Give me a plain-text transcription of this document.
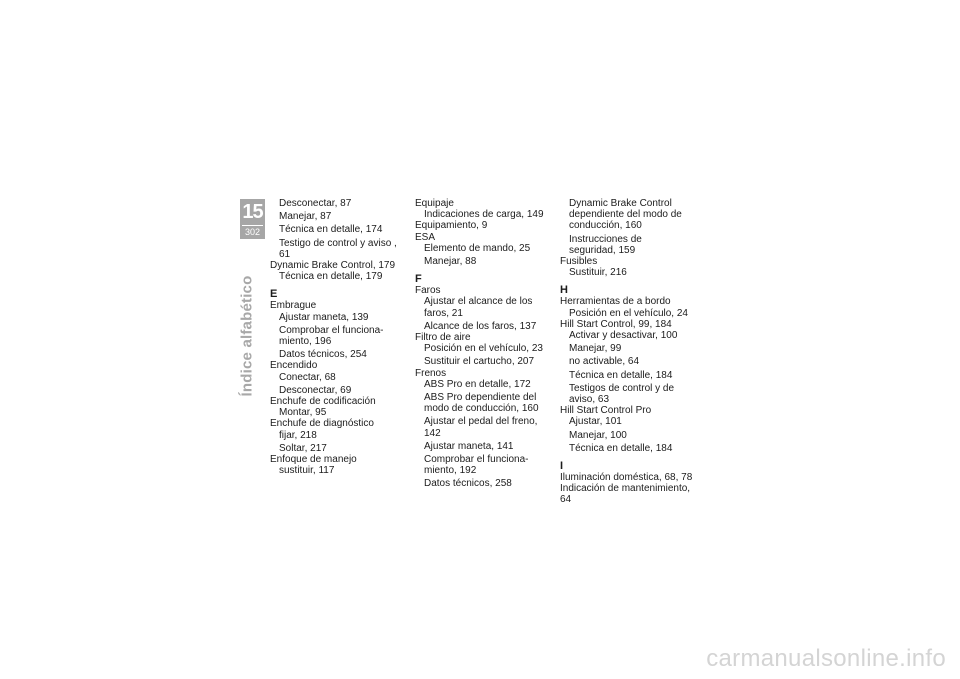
15
302
Índice alfabético
Desconectar, 87
Manejar, 87
Técnica en detalle, 174
Testigo de control y aviso , 61
Dynamic Brake Control, 179
Técnica en detalle, 179
E
Embrague
Ajustar maneta, 139
Comprobar el funciona-
miento, 196
Datos técnicos, 254
Encendido
Conectar, 68
Desconectar, 69
Enchufe de codificación
Montar, 95
Enchufe de diagnóstico
fijar, 218
Soltar, 217
Enfoque de manejo
sustituir, 117
Equipaje
Indicaciones de carga, 149
Equipamiento, 9
ESA
Elemento de mando, 25
Manejar, 88
F
Faros
Ajustar el alcance de los
faros, 21
Alcance de los faros, 137
Filtro de aire
Posición en el vehículo, 23
Sustituir el cartucho, 207
Frenos
ABS Pro en detalle, 172
ABS Pro dependiente del
modo de conducción, 160
Ajustar el pedal del freno, 142
Ajustar maneta, 141
Comprobar el funciona-
miento, 192
Datos técnicos, 258
Dynamic Brake Control
dependiente del modo de
conducción, 160
Instrucciones de
seguridad, 159
Fusibles
Sustituir, 216
H
Herramientas de a bordo
Posición en el vehículo, 24
Hill Start Control, 99, 184
Activar y desactivar, 100
Manejar, 99
no activable, 64
Técnica en detalle, 184
Testigos de control y de
aviso, 63
Hill Start Control Pro
Ajustar, 101
Manejar, 100
Técnica en detalle, 184
I
Iluminación doméstica, 68, 78
Indicación de mantenimiento, 64
carmanualsonline.info
